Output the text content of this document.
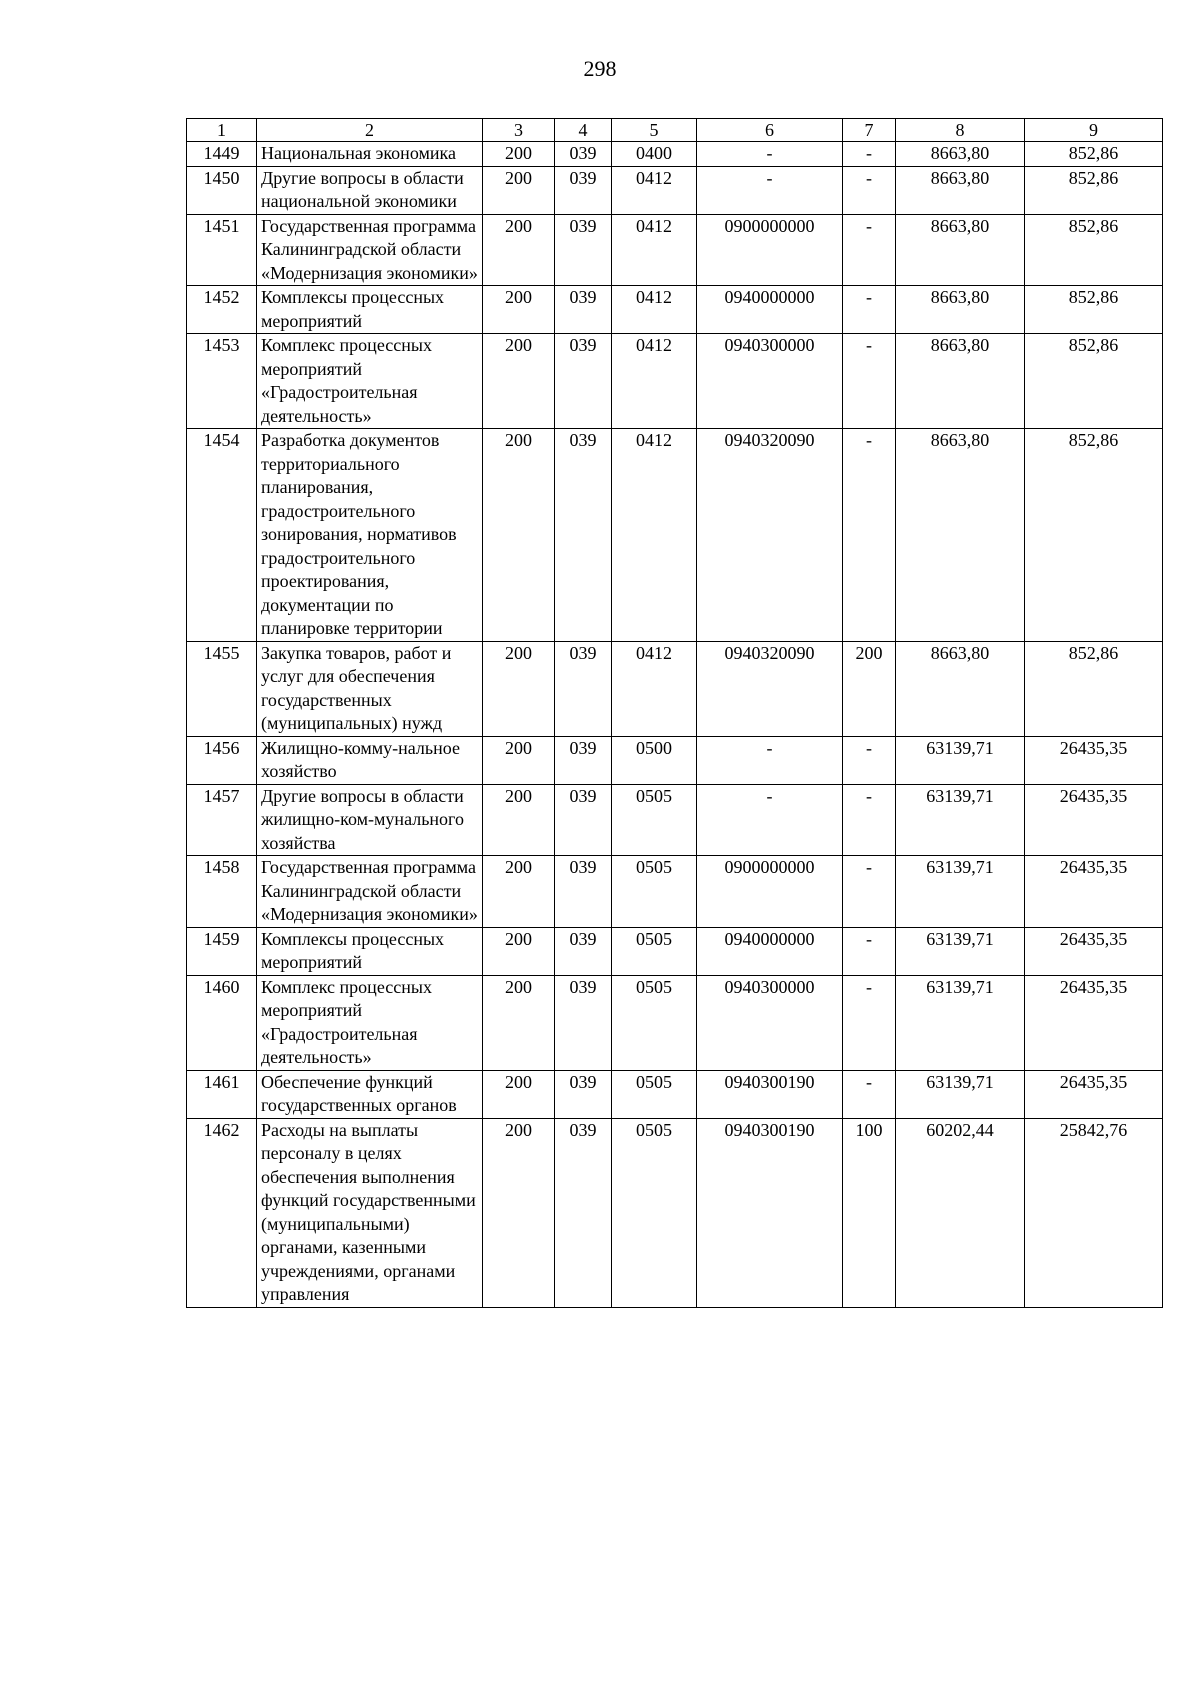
298
1	2	3	4	5	6	7	8	9
1449	Национальная экономика	200	039	0400	-	-	8663,80	852,86
1450	Другие вопросы в области национальной экономики	200	039	0412	-	-	8663,80	852,86
1451	Государственная программа Калининградской области «Модернизация экономики»	200	039	0412	0900000000	-	8663,80	852,86
1452	Комплексы процессных мероприятий	200	039	0412	0940000000	-	8663,80	852,86
1453	Комплекс процессных мероприятий «Градостроительная деятельность»	200	039	0412	0940300000	-	8663,80	852,86
1454	Разработка документов территориального планирования, градостроительного зонирования, нормативов градостроительного проектирования, документации по планировке территории	200	039	0412	0940320090	-	8663,80	852,86
1455	Закупка товаров, работ и услуг для обеспечения государственных (муниципальных) нужд	200	039	0412	0940320090	200	8663,80	852,86
1456	Жилищно-комму-нальное хозяйство	200	039	0500	-	-	63139,71	26435,35
1457	Другие вопросы в области жилищно-ком-мунального хозяйства	200	039	0505	-	-	63139,71	26435,35
1458	Государственная программа Калининградской области «Модернизация экономики»	200	039	0505	0900000000	-	63139,71	26435,35
1459	Комплексы процессных мероприятий	200	039	0505	0940000000	-	63139,71	26435,35
1460	Комплекс процессных мероприятий «Градостроительная деятельность»	200	039	0505	0940300000	-	63139,71	26435,35
1461	Обеспечение функций государственных органов	200	039	0505	0940300190	-	63139,71	26435,35
1462	Расходы на выплаты персоналу в целях обеспечения выполнения функций государственными (муниципальными) органами, казенными учреждениями, органами управления	200	039	0505	0940300190	100	60202,44	25842,76
